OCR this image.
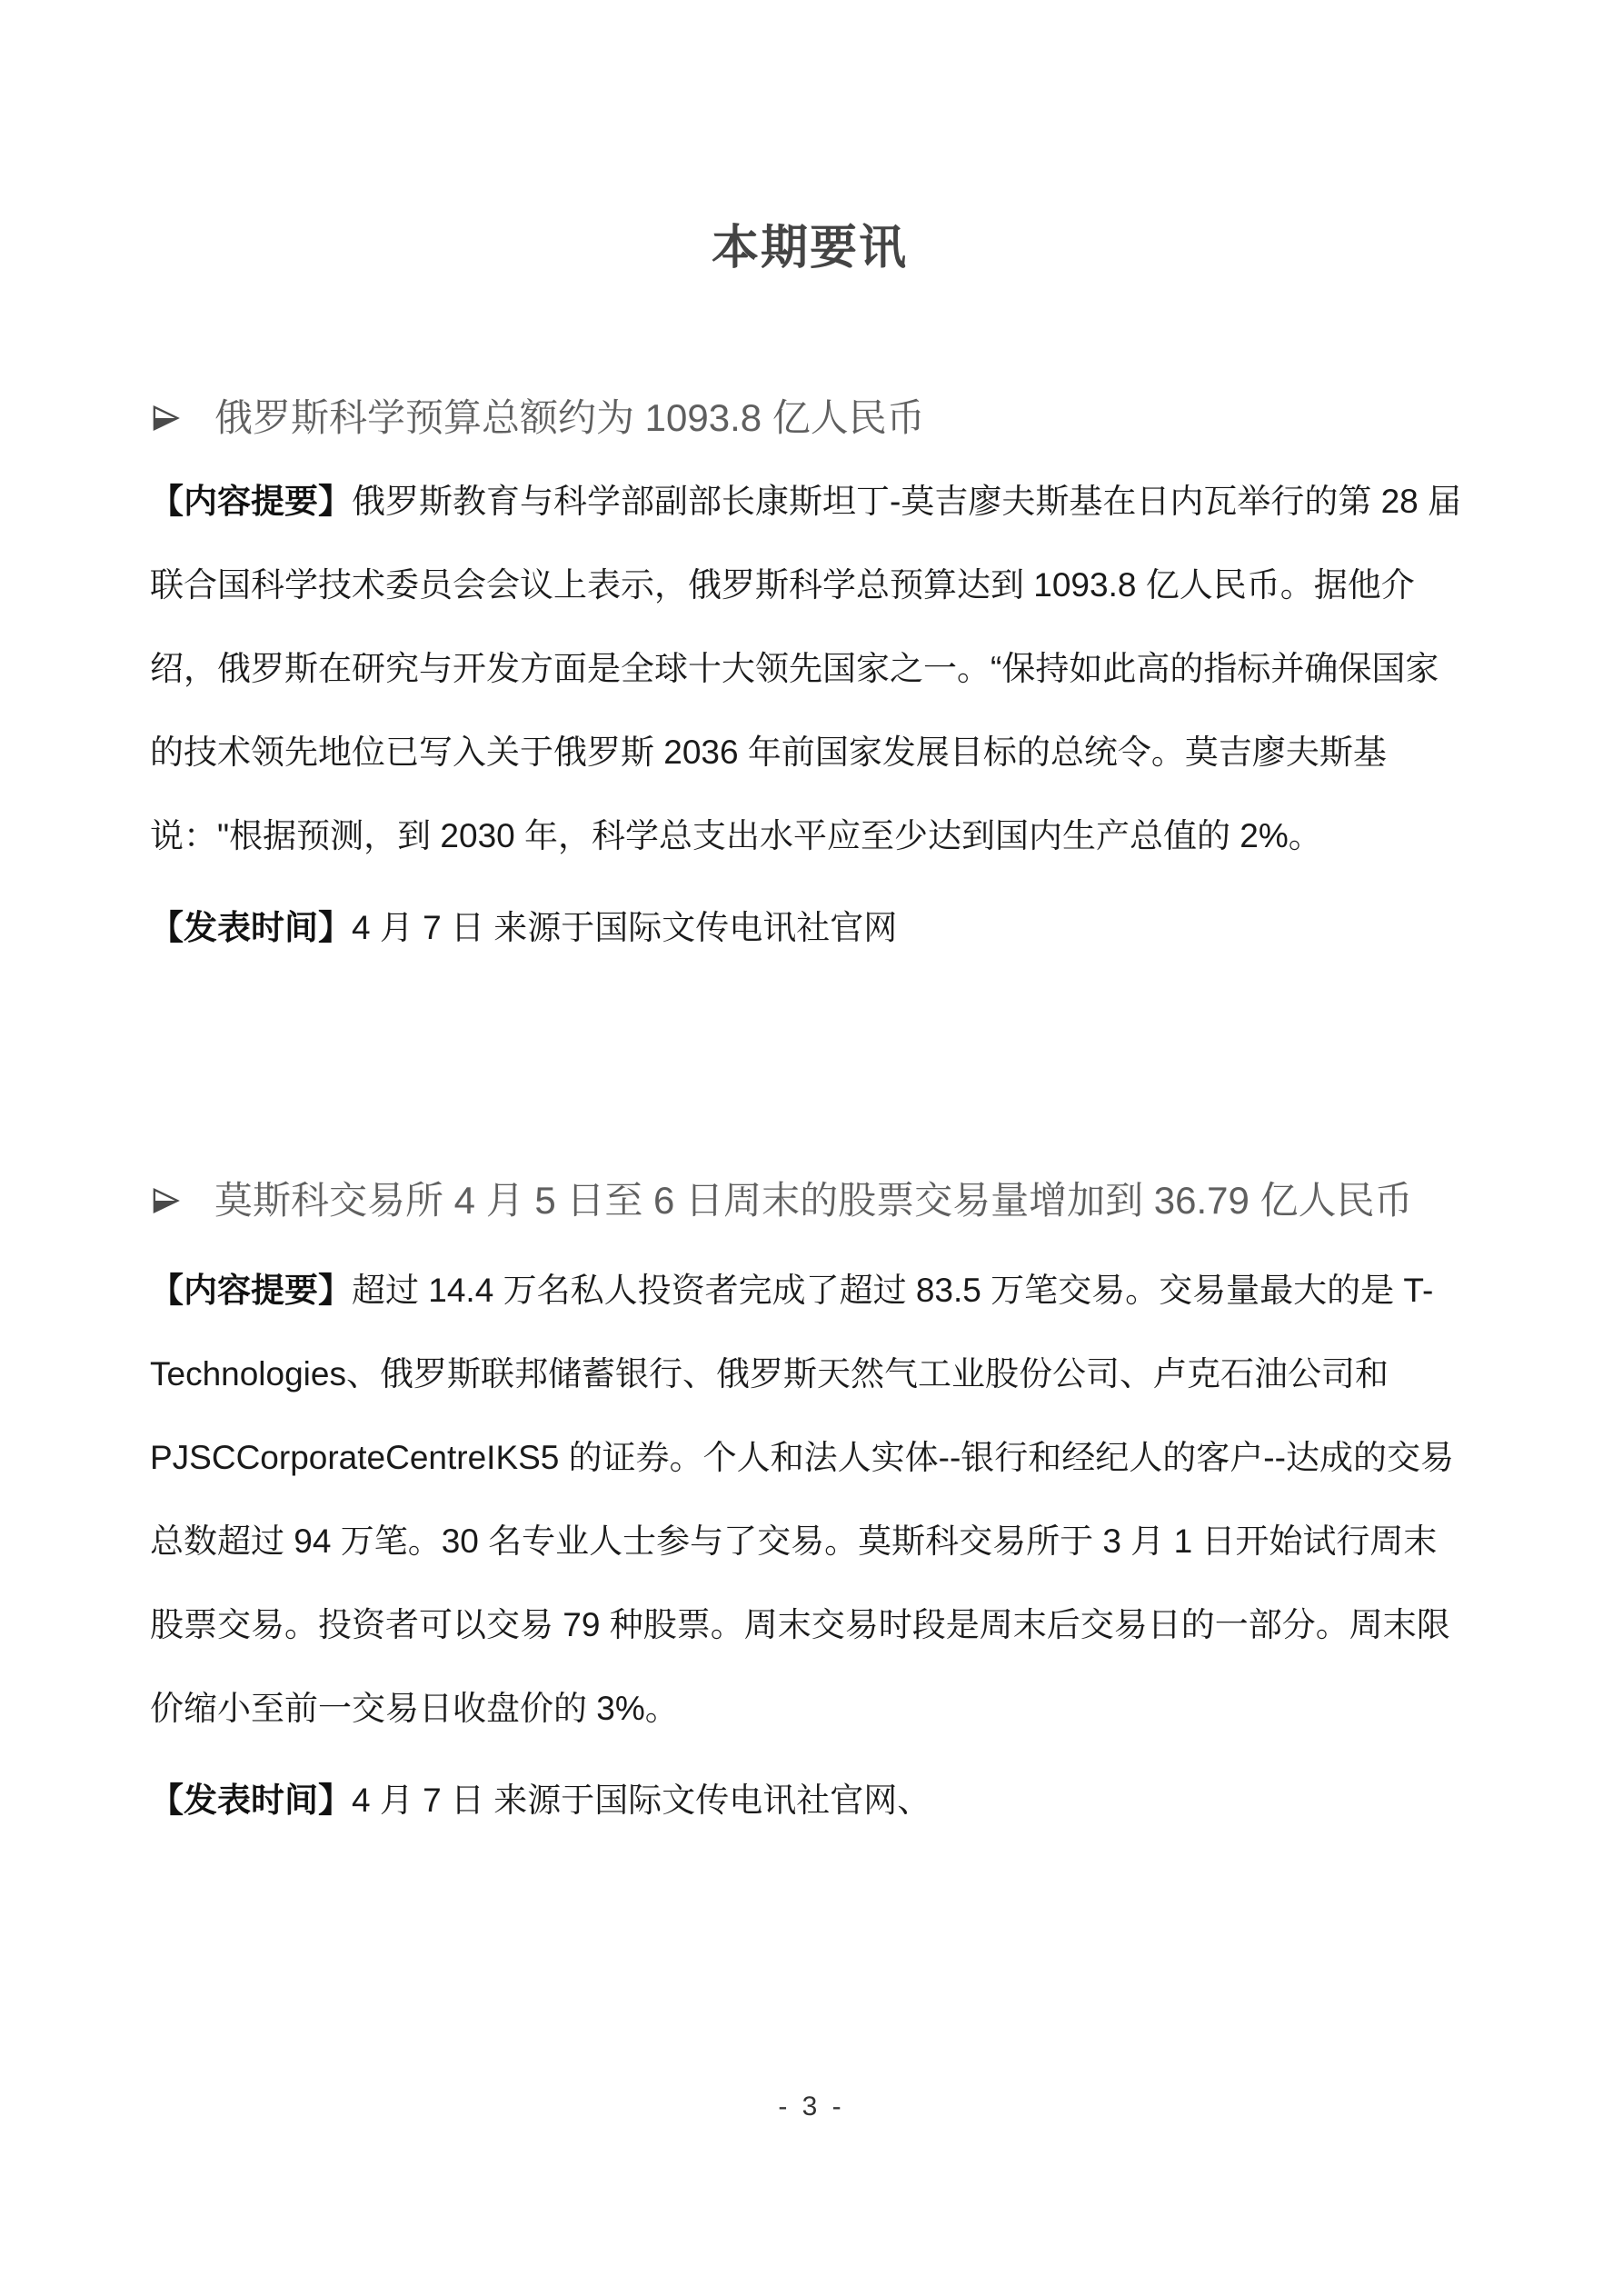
本期要讯
俄罗斯科学预算总额约为 1093.8 亿人民币

【内容提要】俄罗斯教育与科学部副部长康斯坦丁-莫吉廖夫斯基在日内瓦举行的第 28 届联合国科学技术委员会会议上表示，俄罗斯科学总预算达到 1093.8 亿人民币。据他介绍，俄罗斯在研究与开发方面是全球十大领先国家之一。“保持如此高的指标并确保国家的技术领先地位已写入关于俄罗斯 2036 年前国家发展目标的总统令。莫吉廖夫斯基说："根据预测，到 2030 年，科学总支出水平应至少达到国内生产总值的 2%。

【发表时间】4 月 7 日 来源于国际文传电讯社官网

莫斯科交易所 4 月 5 日至 6 日周末的股票交易量增加到 36.79 亿人民币

【内容提要】超过 14.4 万名私人投资者完成了超过 83.5 万笔交易。交易量最大的是 T-Technologies、俄罗斯联邦储蓄银行、俄罗斯天然气工业股份公司、卢克石油公司和 PJSCCorporateCentreIKS5 的证券。个人和法人实体--银行和经纪人的客户--达成的交易总数超过 94 万笔。30 名专业人士参与了交易。莫斯科交易所于 3 月 1 日开始试行周末股票交易。投资者可以交易 79 种股票。周末交易时段是周末后交易日的一部分。周末限价缩小至前一交易日收盘价的 3%。

【发表时间】4 月 7 日 来源于国际文传电讯社官网、

- 3 -
